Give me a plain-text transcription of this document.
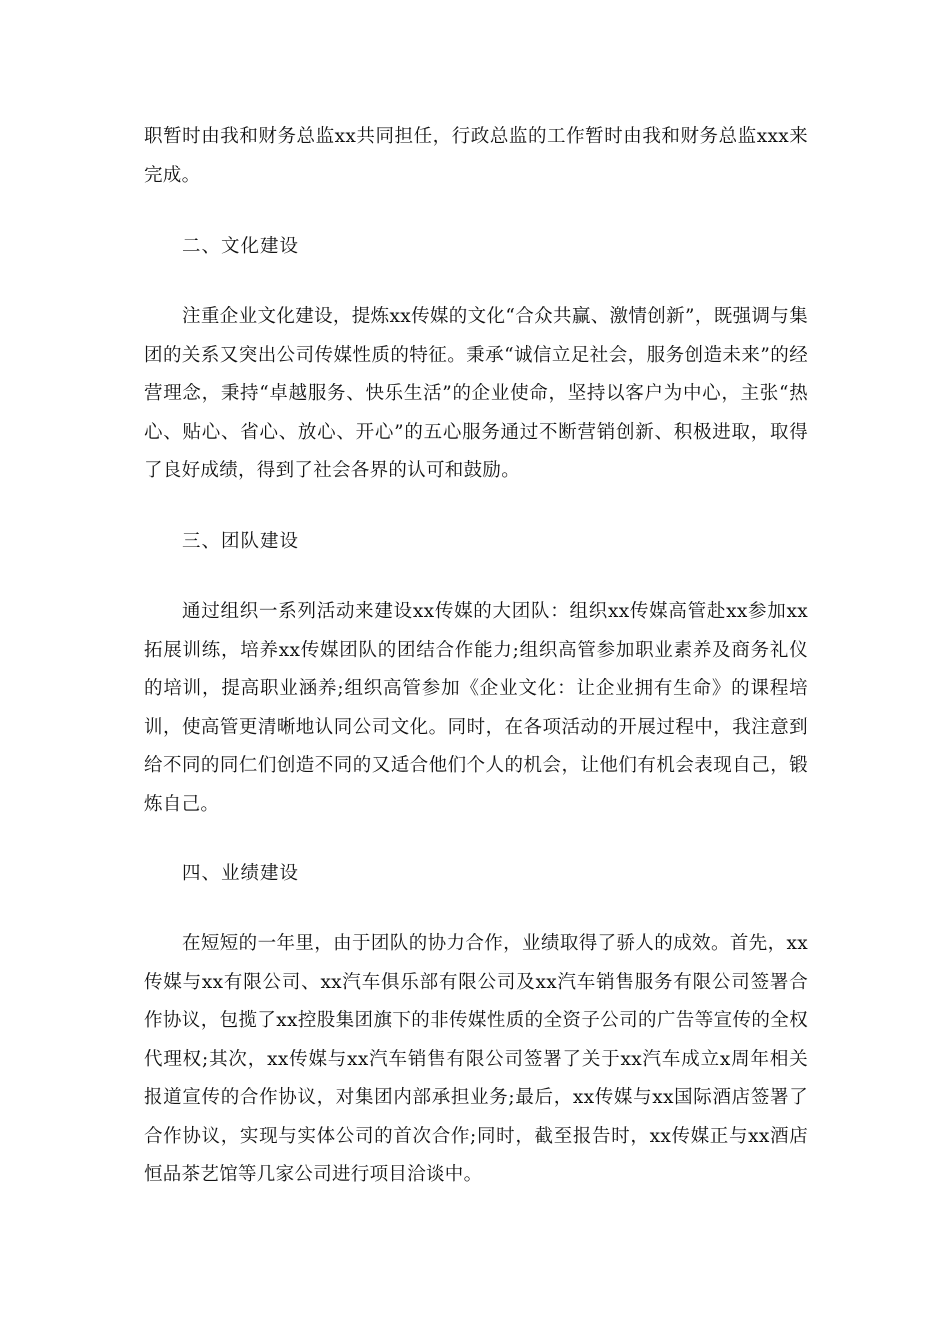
职暂时由我和财务总监xx共同担任，行政总监的工作暂时由我和财务总监xxx来完成。

二、文化建设

注重企业文化建设，提炼xx传媒的文化“合众共赢、激情创新”，既强调与集团的关系又突出公司传媒性质的特征。秉承“诚信立足社会，服务创造未来”的经营理念，秉持“卓越服务、快乐生活”的企业使命，坚持以客户为中心，主张“热心、贴心、省心、放心、开心”的五心服务通过不断营销创新、积极进取，取得了良好成绩，得到了社会各界的认可和鼓励。

三、团队建设

通过组织一系列活动来建设xx传媒的大团队：组织xx传媒高管赴xx参加xx拓展训练，培养xx传媒团队的团结合作能力;组织高管参加职业素养及商务礼仪的培训，提高职业涵养;组织高管参加《企业文化：让企业拥有生命》的课程培训，使高管更清晰地认同公司文化。同时，在各项活动的开展过程中，我注意到给不同的同仁们创造不同的又适合他们个人的机会，让他们有机会表现自己，锻炼自己。

四、业绩建设

在短短的一年里，由于团队的协力合作，业绩取得了骄人的成效。首先，xx传媒与xx有限公司、xx汽车俱乐部有限公司及xx汽车销售服务有限公司签署合作协议，包揽了xx控股集团旗下的非传媒性质的全资子公司的广告等宣传的全权代理权;其次，xx传媒与xx汽车销售有限公司签署了关于xx汽车成立x周年相关报道宣传的合作协议，对集团内部承担业务;最后，xx传媒与xx国际酒店签署了合作协议，实现与实体公司的首次合作;同时，截至报告时，xx传媒正与xx酒店恒品茶艺馆等几家公司进行项目洽谈中。
